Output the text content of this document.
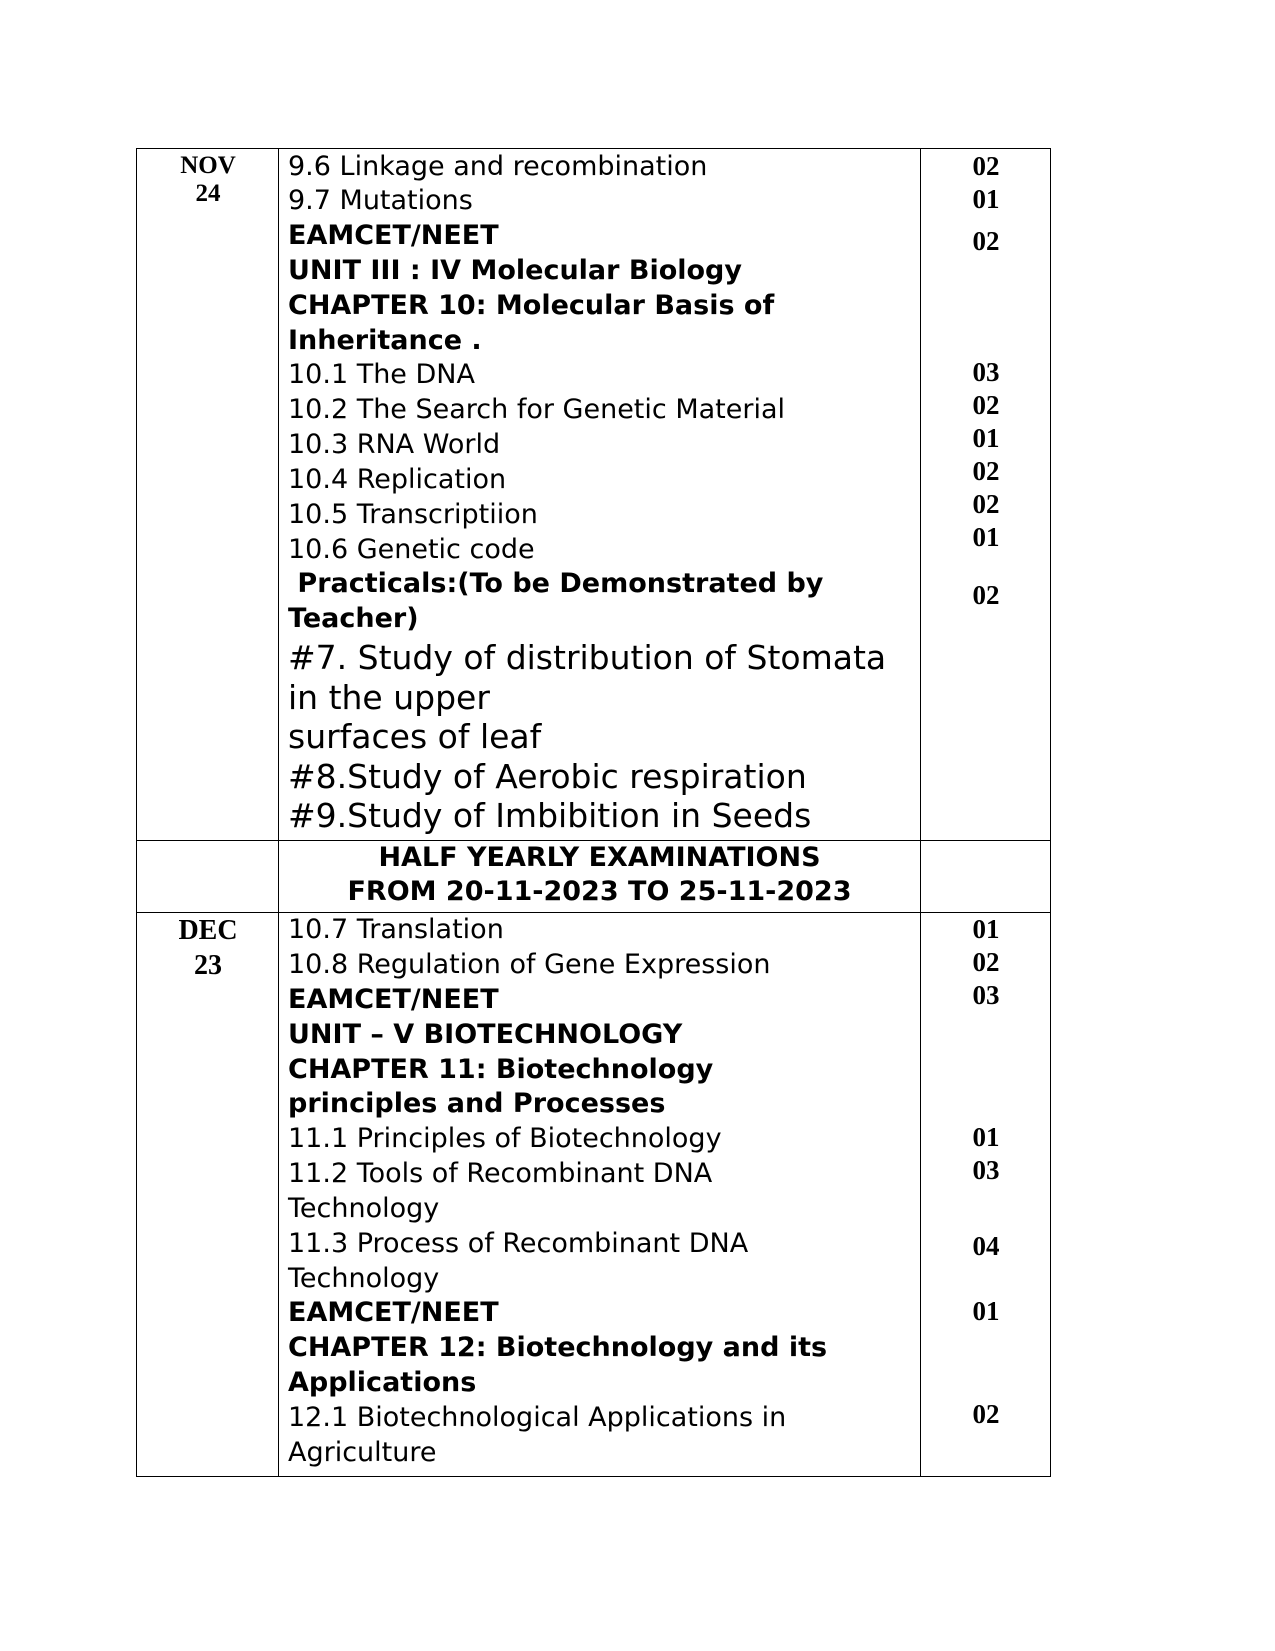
NOV
24
9.6 Linkage and recombination
9.7 Mutations
EAMCET/NEET
UNIT III : IV Molecular Biology
CHAPTER 10: Molecular Basis of
Inheritance .
10.1 The DNA
10.2 The Search for Genetic Material
10.3 RNA World
10.4 Replication
10.5 Transcriptiion
10.6 Genetic code
Practicals:(To be Demonstrated by
Teacher)
#7. Study of distribution of Stomata
in the upper
surfaces of leaf
#8.Study of Aerobic respiration
#9.Study of Imbibition in Seeds
02
01
02
03
02
01
02
02
01
02
HALF YEARLY EXAMINATIONS
FROM 20-11-2023 TO 25-11-2023
DEC
23
10.7 Translation
10.8 Regulation of Gene Expression
EAMCET/NEET
UNIT – V BIOTECHNOLOGY
CHAPTER 11: Biotechnology
principles and Processes
11.1 Principles of Biotechnology
11.2 Tools of Recombinant DNA
Technology
11.3 Process of Recombinant DNA
Technology
EAMCET/NEET
CHAPTER 12: Biotechnology and its
Applications
12.1 Biotechnological Applications in
Agriculture
01
02
03
01
03
04
01
02
